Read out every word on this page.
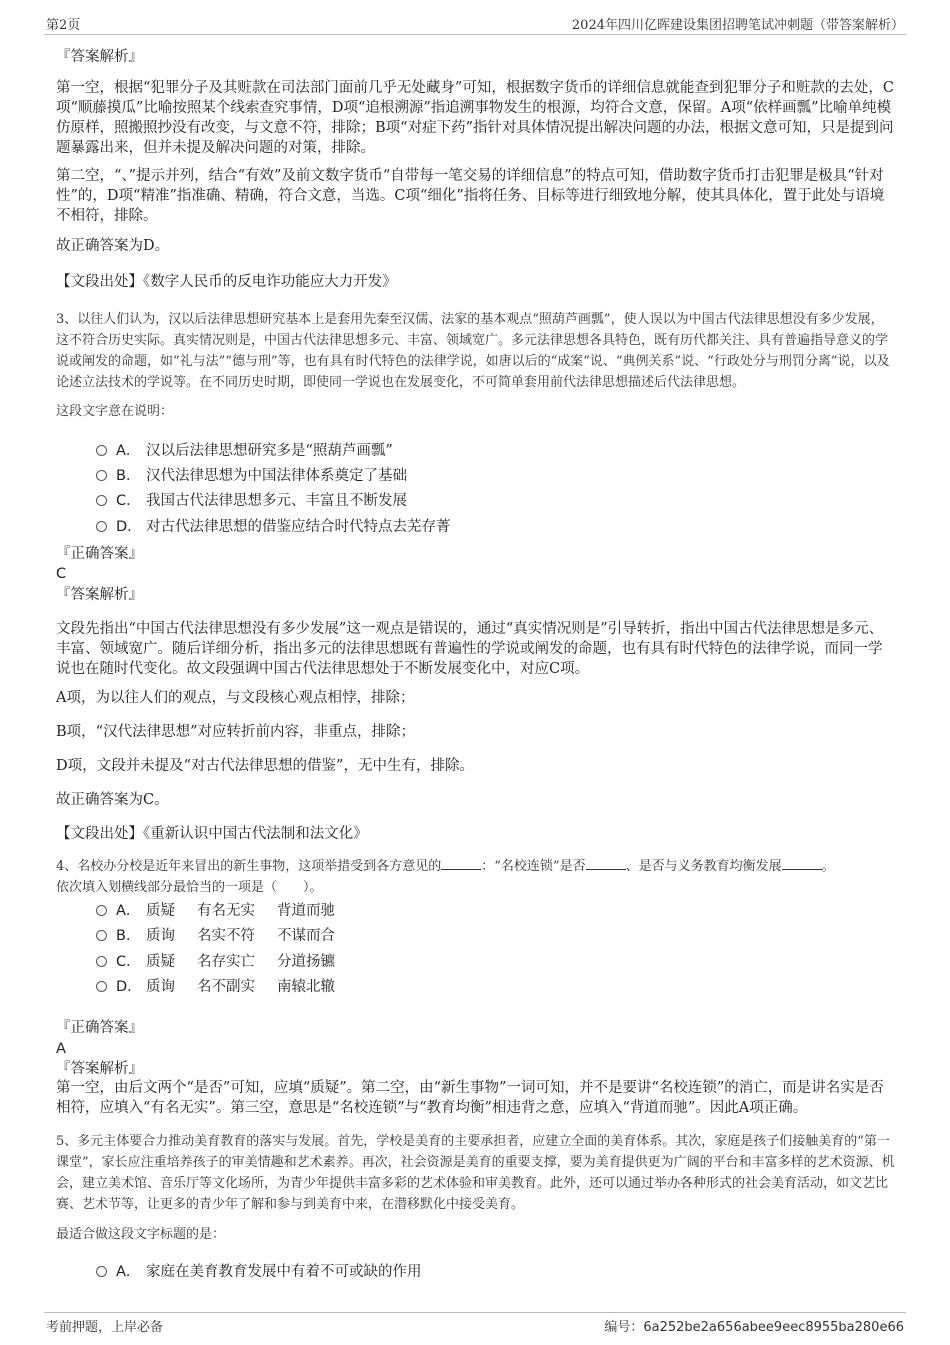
第2页	2024年四川亿晖建设集团招聘笔试冲刺题（带答案解析）

『答案解析』

第一空，根据“犯罪分子及其赃款在司法部门面前几乎无处藏身”可知，根据数字货币的详细信息就能查到犯罪分子和赃款的去处，C项“顺藤摸瓜”比喻按照某个线索查究事情，D项“追根溯源”指追溯事物发生的根源，均符合文意，保留。A项“依样画瓢”比喻单纯模仿原样，照搬照抄没有改变，与文意不符，排除；B项“对症下药”指针对具体情况提出解决问题的办法，根据文意可知，只是提到问题暴露出来，但并未提及解决问题的对策，排除。

第二空，“、”提示并列，结合“有效”及前文数字货币“自带每一笔交易的详细信息”的特点可知，借助数字货币打击犯罪是极具“针对性”的，D项“精准”指准确、精确，符合文意，当选。C项“细化”指将任务、目标等进行细致地分解，使其具体化，置于此处与语境不相符，排除。

故正确答案为D。

【文段出处】《数字人民币的反电诈功能应大力开发》

3、以往人们认为，汉以后法律思想研究基本上是套用先秦至汉儒、法家的基本观点“照葫芦画瓢”，使人误以为中国古代法律思想没有多少发展，这不符合历史实际。真实情况则是，中国古代法律思想多元、丰富、领域宽广。多元法律思想各具特色，既有历代都关注、具有普遍指导意义的学说或阐发的命题，如“礼与法”“德与刑”等，也有具有时代特色的法律学说，如唐以后的“成案”说、“典例关系”说、“行政处分与刑罚分离”说，以及论述立法技术的学说等。在不同历史时期，即使同一学说也在发展变化，不可简单套用前代法律思想描述后代法律思想。

这段文字意在说明：

A． 汉以后法律思想研究多是“照葫芦画瓢”
B． 汉代法律思想为中国法律体系奠定了基础
C． 我国古代法律思想多元、丰富且不断发展
D． 对古代法律思想的借鉴应结合时代特点去芜存菁

『正确答案』

C

『答案解析』

文段先指出“中国古代法律思想没有多少发展”这一观点是错误的，通过“真实情况则是”引导转折，指出中国古代法律思想是多元、丰富、领域宽广。随后详细分析，指出多元的法律思想既有普遍性的学说或阐发的命题，也有具有时代特色的法律学说，而同一学说也在随时代变化。故文段强调中国古代法律思想处于不断发展变化中，对应C项。

A项，为以往人们的观点，与文段核心观点相悖，排除；

B项，“汉代法律思想”对应转折前内容，非重点，排除；

D项，文段并未提及“对古代法律思想的借鉴”，无中生有，排除。

故正确答案为C。

【文段出处】《重新认识中国古代法制和法文化》

4、名校办分校是近年来冒出的新生事物，这项举措受到各方意见的	：“名校连锁”是否	、是否与义务教育均衡发展	。
依次填入划横线部分最恰当的一项是（　　）。

A． 质疑 有名无实 背道而驰
B． 质询 名实不符 不谋而合
C． 质疑 名存实亡 分道扬镳
D． 质询 名不副实 南辕北辙

『正确答案』

A

『答案解析』

第一空，由后文两个“是否”可知，应填“质疑”。第二空，由“新生事物”一词可知，并不是要讲“名校连锁”的消亡，而是讲名实是否相符，应填入“有名无实”。第三空，意思是“名校连锁”与“教育均衡”相违背之意，应填入“背道而驰”。因此A项正确。

5、多元主体要合力推动美育教育的落实与发展。首先，学校是美育的主要承担者，应建立全面的美育体系。其次，家庭是孩子们接触美育的“第一课堂”，家长应注重培养孩子的审美情趣和艺术素养。再次，社会资源是美育的重要支撑，要为美育提供更为广阔的平台和丰富多样的艺术资源、机会，建立美术馆、音乐厅等文化场所，为青少年提供丰富多彩的艺术体验和审美教育。此外，还可以通过举办各种形式的社会美育活动，如文艺比赛、艺术节等，让更多的青少年了解和参与到美育中来，在潜移默化中接受美育。

最适合做这段文字标题的是：

A． 家庭在美育教育发展中有着不可或缺的作用
考前押题，上岸必备	编号：6a252be2a656abee9eec8955ba280e66
